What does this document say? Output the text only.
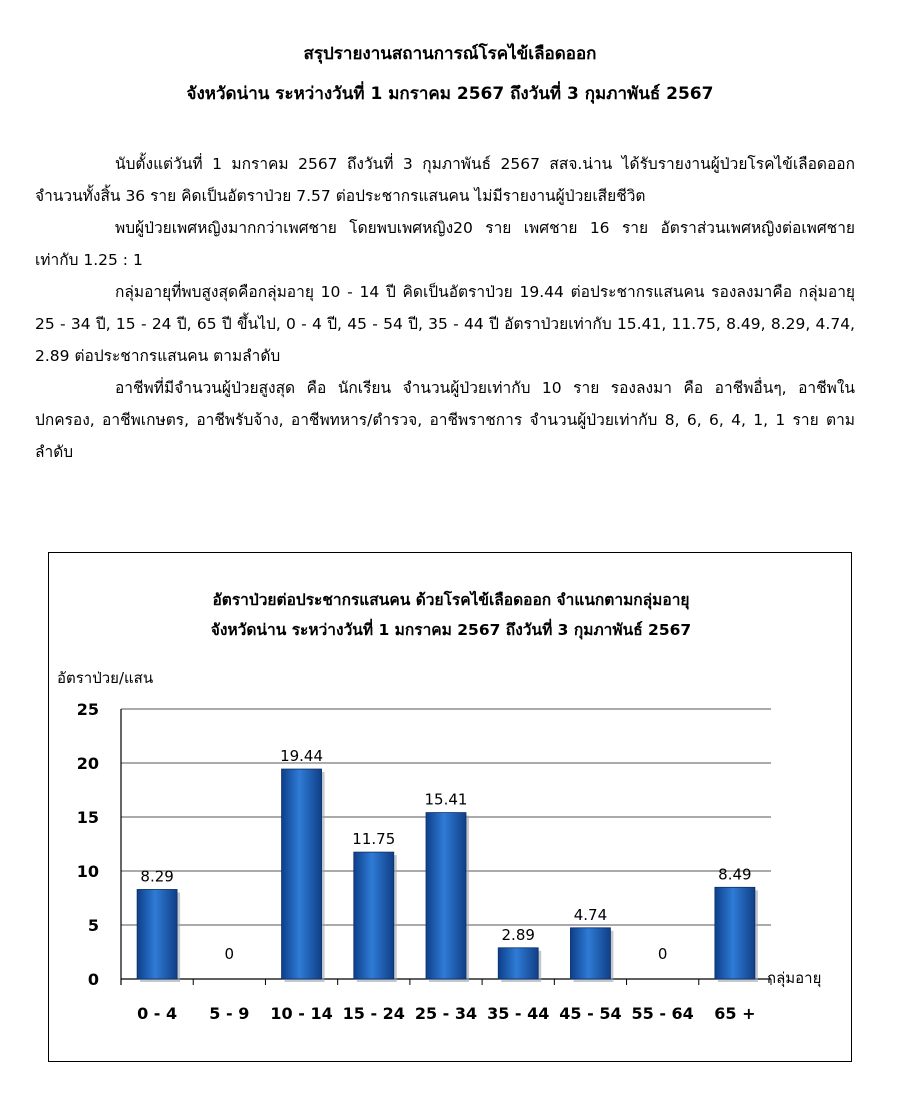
สรุปรายงานสถานการณ์โรคไข้เลือดออก
จังหวัดน่าน ระหว่างวันที่ 1 มกราคม 2567 ถึงวันที่ 3 กุมภาพันธ์ 2567

นับตั้งแต่วันที่ 1 มกราคม 2567 ถึงวันที่ 3 กุมภาพันธ์ 2567 สสจ.น่าน ได้รับรายงานผู้ป่วยโรคไข้เลือดออก จำนวนทั้งสิ้น 36 ราย คิดเป็นอัตราป่วย 7.57 ต่อประชากรแสนคน ไม่มีรายงานผู้ป่วยเสียชีวิต

พบผู้ป่วยเพศหญิงมากกว่าเพศชาย โดยพบเพศหญิง20 ราย เพศชาย 16 ราย อัตราส่วนเพศหญิงต่อเพศชาย เท่ากับ 1.25 : 1

กลุ่มอายุที่พบสูงสุดคือกลุ่มอายุ 10 - 14 ปี คิดเป็นอัตราป่วย 19.44 ต่อประชากรแสนคน รองลงมาคือ กลุ่มอายุ 25 - 34 ปี, 15 - 24 ปี, 65 ปี ขึ้นไป, 0 - 4 ปี, 45 - 54 ปี, 35 - 44 ปี อัตราป่วยเท่ากับ 15.41, 11.75, 8.49, 8.29, 4.74, 2.89 ต่อประชากรแสนคน ตามลำดับ

อาชีพที่มีจำนวนผู้ป่วยสูงสุด คือ นักเรียน จำนวนผู้ป่วยเท่ากับ 10 ราย รองลงมา คือ อาชีพอื่นๆ, อาชีพในปกครอง, อาชีพเกษตร, อาชีพรับจ้าง, อาชีพทหาร/ตำรวจ, อาชีพราชการ จำนวนผู้ป่วยเท่ากับ 8, 6, 6, 4, 1, 1 ราย ตามลำดับ

อัตราป่วยต่อประชากรแสนคน ด้วยโรคไข้เลือดออก จำแนกตามกลุ่มอายุ
จังหวัดน่าน ระหว่างวันที่ 1 มกราคม 2567 ถึงวันที่ 3 กุมภาพันธ์ 2567
อัตราป่วย/แสน
กลุ่มอายุ
0
5
10
15
20
25
8.29
0 - 4
0
5 - 9
19.44
10 - 14
11.75
15 - 24
15.41
25 - 34
2.89
35 - 44
4.74
45 - 54
0
55 - 64
8.49
65 +
